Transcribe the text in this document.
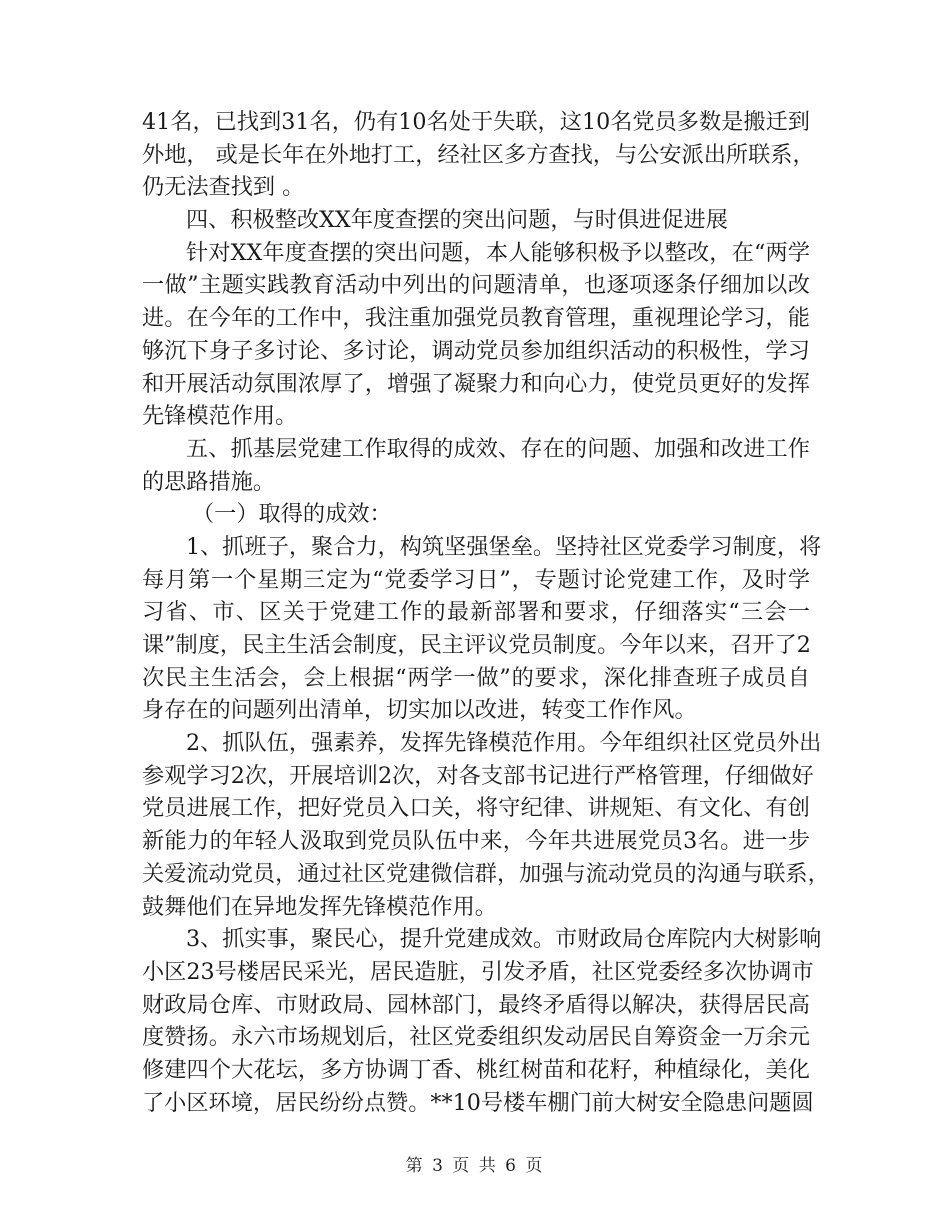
41名，已找到31名，仍有10名处于失联，这10名党员多数是搬迁到
外地， 或是长年在外地打工，经社区多方查找，与公安派出所联系，
仍无法查找到 。
四、积极整改XX年度查摆的突出问题，与时俱进促进展
针对XX年度查摆的突出问题，本人能够积极予以整改，在“两学
一做”主题实践教育活动中列出的问题清单，也逐项逐条仔细加以改
进。在今年的工作中，我注重加强党员教育管理，重视理论学习，能
够沉下身子多讨论、多讨论，调动党员参加组织活动的积极性，学习
和开展活动氛围浓厚了，增强了凝聚力和向心力，使党员更好的发挥
先锋模范作用。
五、抓基层党建工作取得的成效、存在的问题、加强和改进工作
的思路措施。
（一）取得的成效：
1、抓班子，聚合力，构筑坚强堡垒。坚持社区党委学习制度，将
每月第一个星期三定为“党委学习日”，专题讨论党建工作，及时学
习省、市、区关于党建工作的最新部署和要求，仔细落实“三会一
课”制度，民主生活会制度，民主评议党员制度。今年以来，召开了2
次民主生活会，会上根据“两学一做”的要求，深化排查班子成员自
身存在的问题列出清单，切实加以改进，转变工作作风。
2、抓队伍，强素养，发挥先锋模范作用。今年组织社区党员外出
参观学习2次，开展培训2次，对各支部书记进行严格管理，仔细做好
党员进展工作，把好党员入口关，将守纪律、讲规矩、有文化、有创
新能力的年轻人汲取到党员队伍中来，今年共进展党员3名。进一步
关爱流动党员，通过社区党建微信群，加强与流动党员的沟通与联系，
鼓舞他们在异地发挥先锋模范作用。
3、抓实事，聚民心，提升党建成效。市财政局仓库院内大树影响
小区23号楼居民采光，居民造脏，引发矛盾，社区党委经多次协调市
财政局仓库、市财政局、园林部门，最终矛盾得以解决，获得居民高
度赞扬。永六市场规划后，社区党委组织发动居民自筹资金一万余元
修建四个大花坛，多方协调丁香、桃红树苗和花籽，种植绿化，美化
了小区环境，居民纷纷点赞。**10号楼车棚门前大树安全隐患问题圆
第 3 页 共 6 页
